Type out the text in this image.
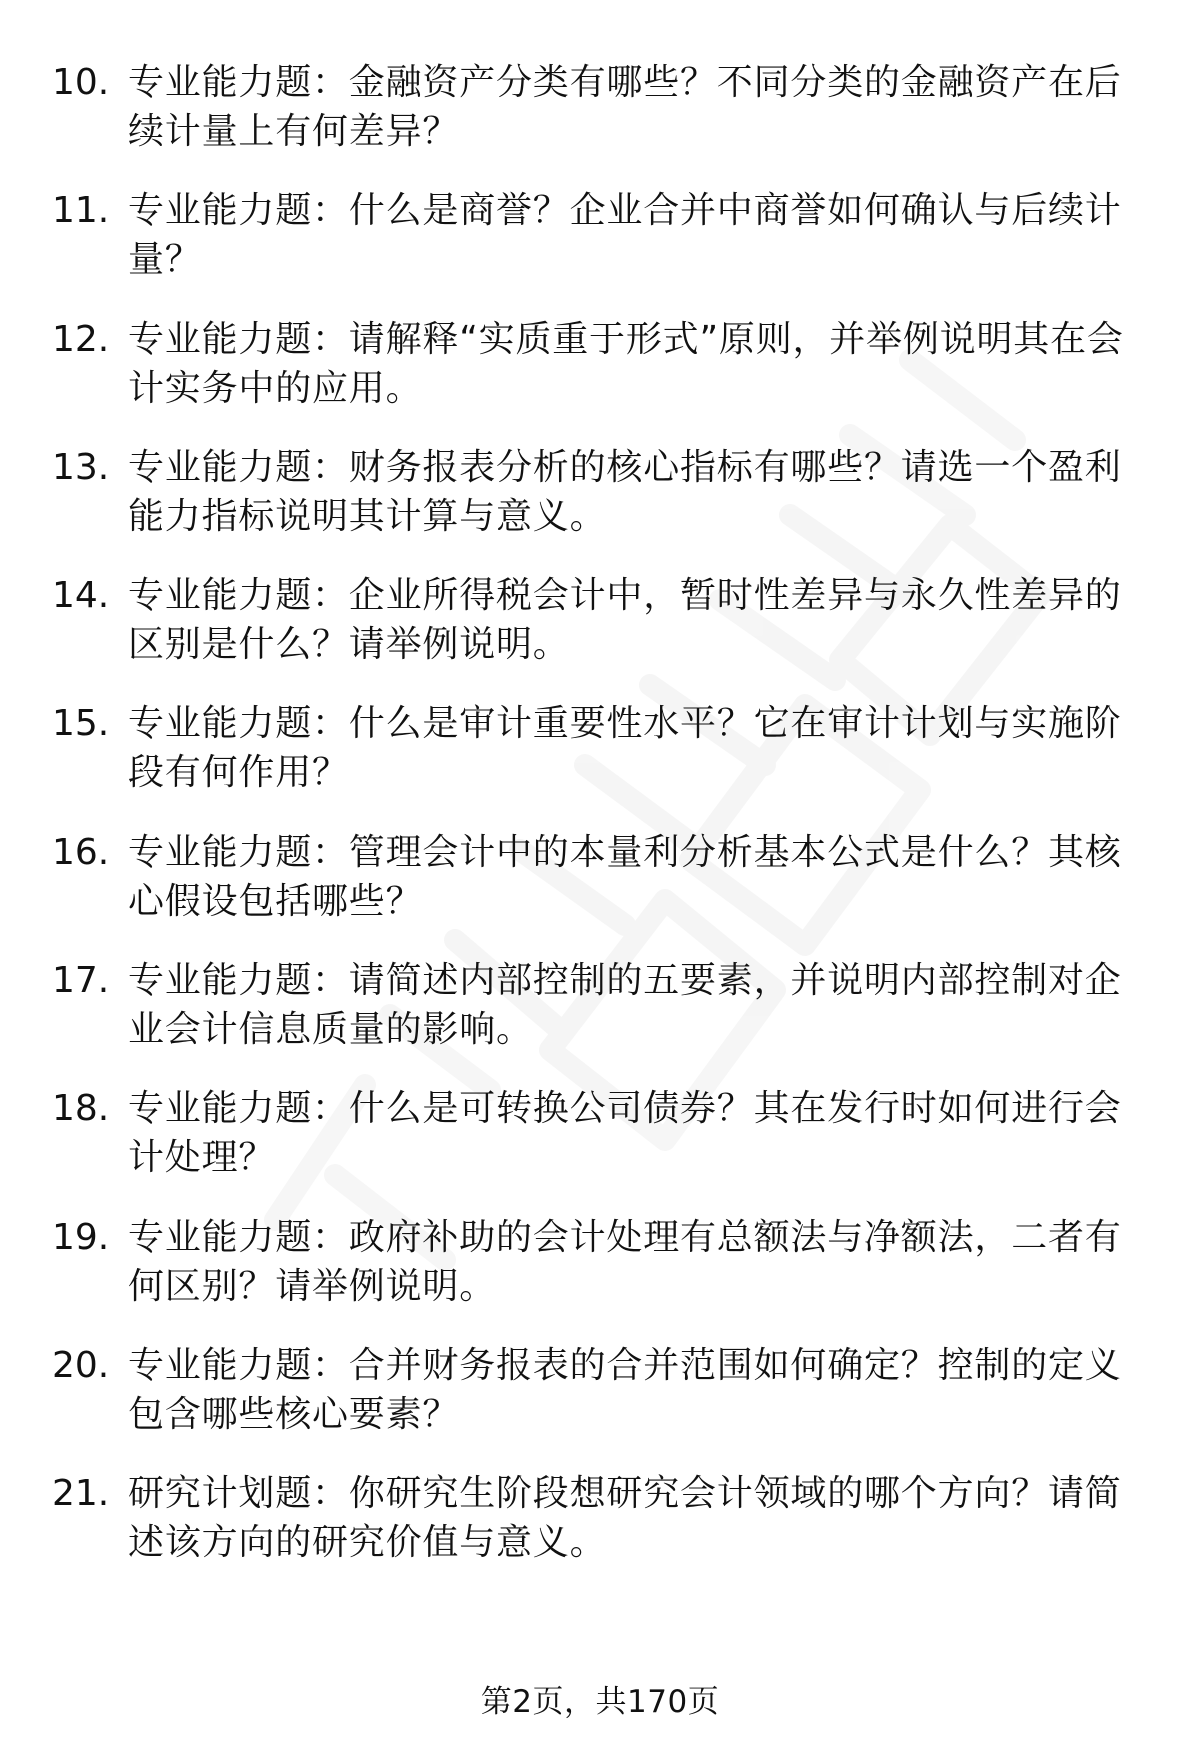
10. 专业能力题：金融资产分类有哪些？不同分类的金融资产在后续计量上有何差异？
11. 专业能力题：什么是商誉？企业合并中商誉如何确认与后续计量？
12. 专业能力题：请解释“实质重于形式”原则，并举例说明其在会计实务中的应用。
13. 专业能力题：财务报表分析的核心指标有哪些？请选一个盈利能力指标说明其计算与意义。
14. 专业能力题：企业所得税会计中，暂时性差异与永久性差异的区别是什么？请举例说明。
15. 专业能力题：什么是审计重要性水平？它在审计计划与实施阶段有何作用？
16. 专业能力题：管理会计中的本量利分析基本公式是什么？其核心假设包括哪些？
17. 专业能力题：请简述内部控制的五要素，并说明内部控制对企业会计信息质量的影响。
18. 专业能力题：什么是可转换公司债券？其在发行时如何进行会计处理？
19. 专业能力题：政府补助的会计处理有总额法与净额法，二者有何区别？请举例说明。
20. 专业能力题：合并财务报表的合并范围如何确定？控制的定义包含哪些核心要素？
21. 研究计划题：你研究生阶段想研究会计领域的哪个方向？请简述该方向的研究价值与意义。
第2页，共170页
